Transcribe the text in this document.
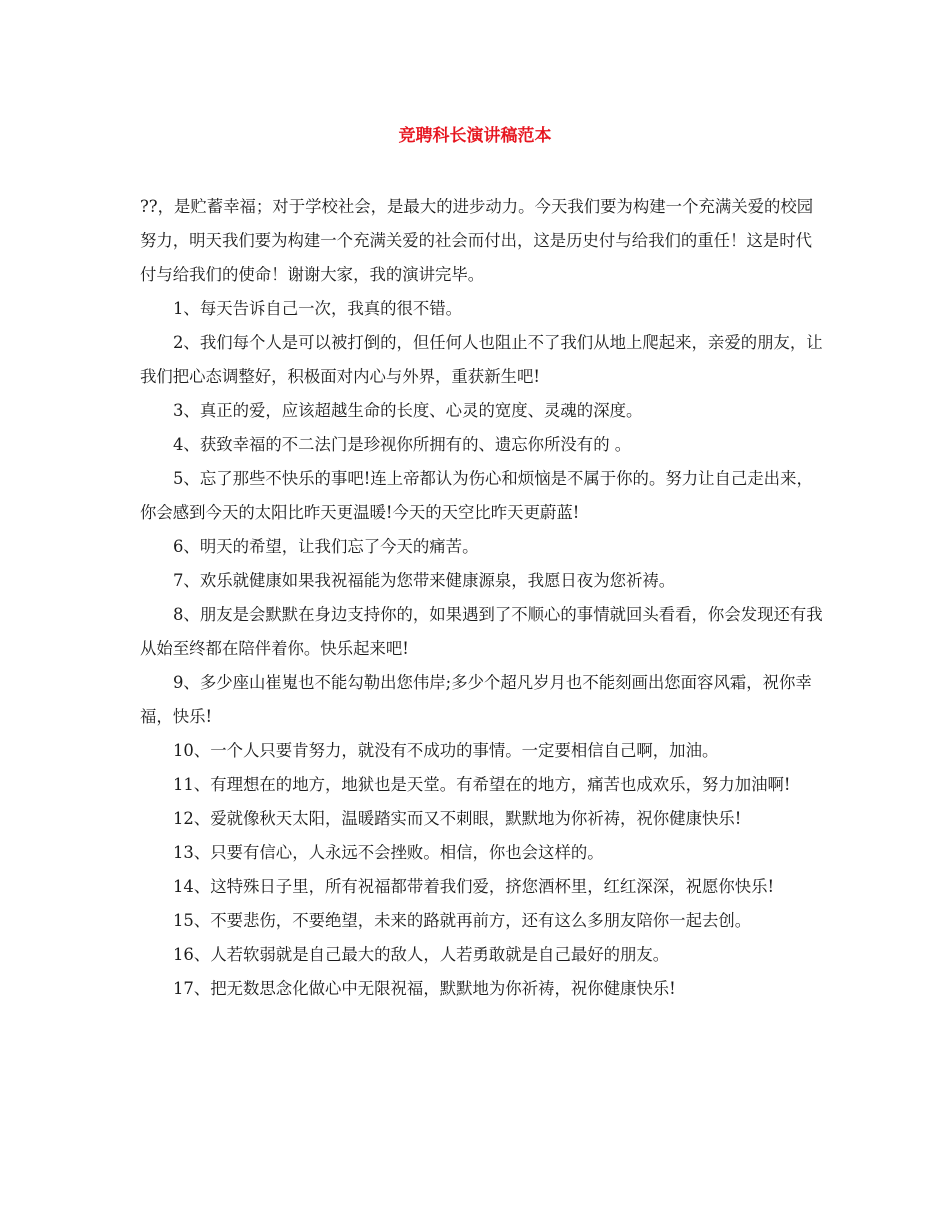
竞聘科长演讲稿范本

??，是贮蓄幸福；对于学校社会，是最大的进步动力。今天我们要为构建一个充满关爱的校园努力，明天我们要为构建一个充满关爱的社会而付出，这是历史付与给我们的重任！这是时代付与给我们的使命！谢谢大家，我的演讲完毕。

1、每天告诉自己一次，我真的很不错。

2、我们每个人是可以被打倒的，但任何人也阻止不了我们从地上爬起来，亲爱的朋友，让我们把心态调整好，积极面对内心与外界，重获新生吧!

3、真正的爱，应该超越生命的长度、心灵的宽度、灵魂的深度。

4、获致幸福的不二法门是珍视你所拥有的、遗忘你所没有的 。

5、忘了那些不快乐的事吧!连上帝都认为伤心和烦恼是不属于你的。努力让自己走出来，你会感到今天的太阳比昨天更温暖!今天的天空比昨天更蔚蓝!

6、明天的希望，让我们忘了今天的痛苦。

7、欢乐就健康如果我祝福能为您带来健康源泉，我愿日夜为您祈祷。

8、朋友是会默默在身边支持你的，如果遇到了不顺心的事情就回头看看，你会发现还有我从始至终都在陪伴着你。快乐起来吧!

9、多少座山崔嵬也不能勾勒出您伟岸;多少个超凡岁月也不能刻画出您面容风霜，祝你幸福，快乐!

10、一个人只要肯努力，就没有不成功的事情。一定要相信自己啊，加油。

11、有理想在的地方，地狱也是天堂。有希望在的地方，痛苦也成欢乐，努力加油啊!

12、爱就像秋天太阳，温暖踏实而又不刺眼，默默地为你祈祷，祝你健康快乐!

13、只要有信心，人永远不会挫败。相信，你也会这样的。

14、这特殊日子里，所有祝福都带着我们爱，挤您酒杯里，红红深深，祝愿你快乐!

15、不要悲伤，不要绝望，未来的路就再前方，还有这么多朋友陪你一起去创。

16、人若软弱就是自己最大的敌人，人若勇敢就是自己最好的朋友。

17、把无数思念化做心中无限祝福，默默地为你祈祷，祝你健康快乐!
